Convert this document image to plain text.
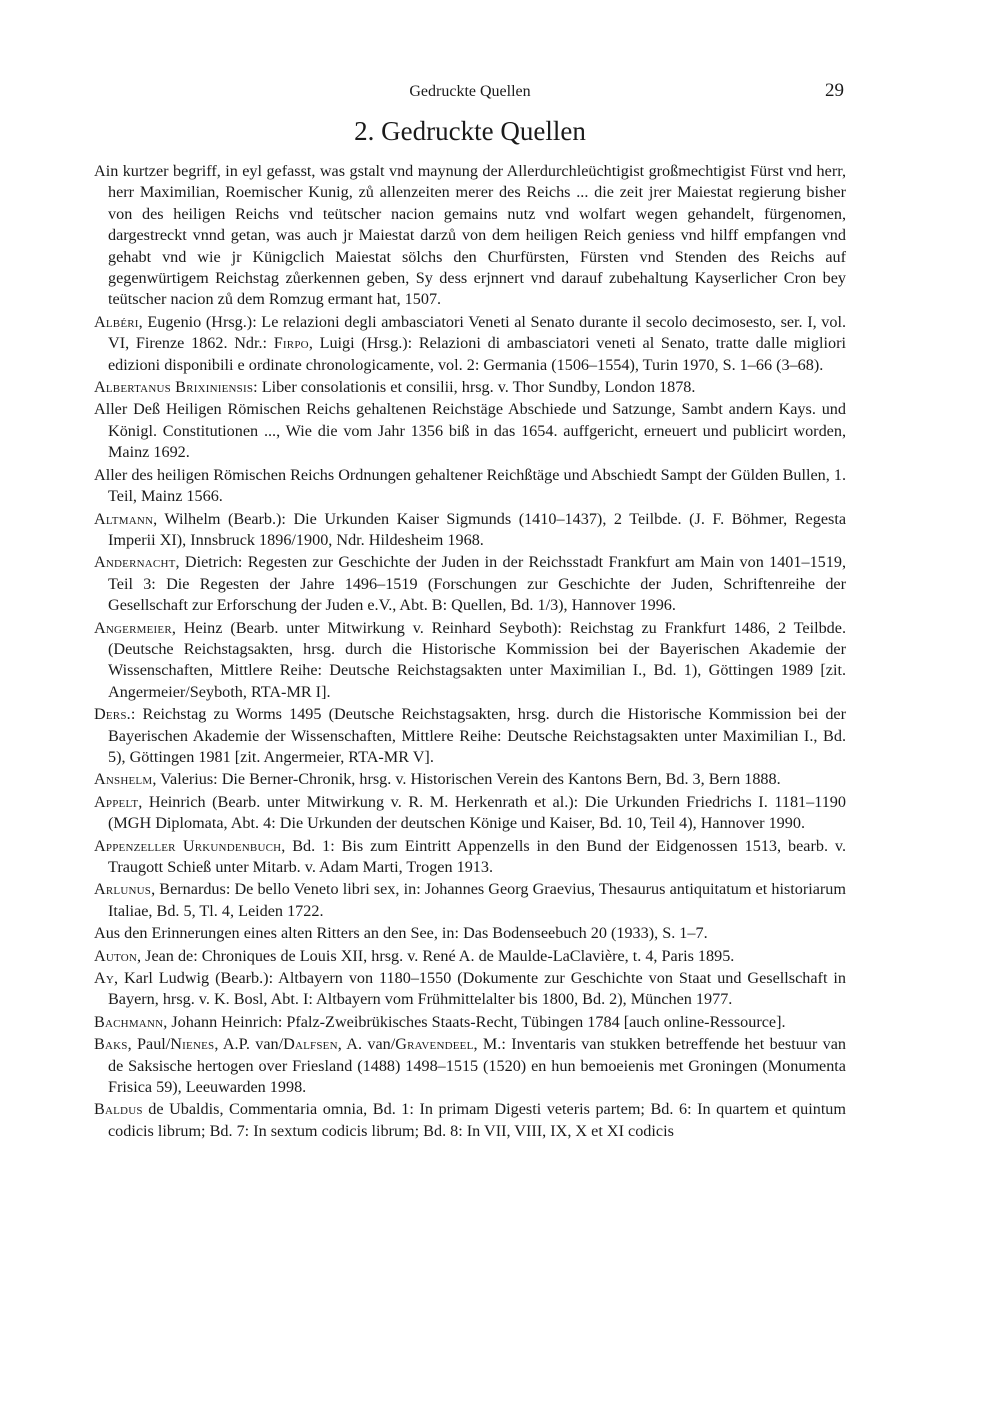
Gedruckte Quellen	29
2. Gedruckte Quellen
Ain kurtzer begriff, in eyl gefasst, was gstalt vnd maynung der Allerdurchleüchtigist großmechtigist Fürst vnd herr, herr Maximilian, Roemischer Kunig, zů allenzeiten merer des Reichs ... die zeit jrer Maiestat regierung bisher von des heiligen Reichs vnd teütscher nacion gemains nutz vnd wolfart wegen gehandelt, fürgenomen, dargestreckt vnnd getan, was auch jr Maiestat darzů von dem heiligen Reich geniess vnd hilff empfangen vnd gehabt vnd wie jr Künigclich Maiestat sölchs den Churfürsten, Fürsten vnd Stenden des Reichs auf gegenwürtigem Reichstag zůerkennen geben, Sy dess erjnnert vnd darauf zubehaltung Kayserlicher Cron bey teütscher nacion zů dem Romzug ermant hat, 1507.
Albéri, Eugenio (Hrsg.): Le relazioni degli ambasciatori Veneti al Senato durante il secolo decimosesto, ser. I, vol. VI, Firenze 1862. Ndr.: Firpo, Luigi (Hrsg.): Relazioni di ambasciatori veneti al Senato, tratte dalle migliori edizioni disponibili e ordinate chronologicamente, vol. 2: Germania (1506–1554), Turin 1970, S. 1–66 (3–68).
Albertanus Brixiniensis: Liber consolationis et consilii, hrsg. v. Thor Sundby, London 1878.
Aller Deß Heiligen Römischen Reichs gehaltenen Reichstäge Abschiede und Satzunge, Sambt andern Kays. und Königl. Constitutionen ..., Wie die vom Jahr 1356 biß in das 1654. auffgericht, erneuert und publicirt worden, Mainz 1692.
Aller des heiligen Römischen Reichs Ordnungen gehaltener Reichßtäge und Abschiedt Sampt der Gülden Bullen, 1. Teil, Mainz 1566.
Altmann, Wilhelm (Bearb.): Die Urkunden Kaiser Sigmunds (1410–1437), 2 Teilbde. (J. F. Böhmer, Regesta Imperii XI), Innsbruck 1896/1900, Ndr. Hildesheim 1968.
Andernacht, Dietrich: Regesten zur Geschichte der Juden in der Reichsstadt Frankfurt am Main von 1401–1519, Teil 3: Die Regesten der Jahre 1496–1519 (Forschungen zur Geschichte der Juden, Schriftenreihe der Gesellschaft zur Erforschung der Juden e.V., Abt. B: Quellen, Bd. 1/3), Hannover 1996.
Angermeier, Heinz (Bearb. unter Mitwirkung v. Reinhard Seyboth): Reichstag zu Frankfurt 1486, 2 Teilbde. (Deutsche Reichstagsakten, hrsg. durch die Historische Kommission bei der Bayerischen Akademie der Wissenschaften, Mittlere Reihe: Deutsche Reichstagsakten unter Maximilian I., Bd. 1), Göttingen 1989 [zit. Angermeier/Seyboth, RTA-MR I].
Ders.: Reichstag zu Worms 1495 (Deutsche Reichstagsakten, hrsg. durch die Historische Kommission bei der Bayerischen Akademie der Wissenschaften, Mittlere Reihe: Deutsche Reichstagsakten unter Maximilian I., Bd. 5), Göttingen 1981 [zit. Angermeier, RTA-MR V].
Anshelm, Valerius: Die Berner-Chronik, hrsg. v. Historischen Verein des Kantons Bern, Bd. 3, Bern 1888.
Appelt, Heinrich (Bearb. unter Mitwirkung v. R. M. Herkenrath et al.): Die Urkunden Friedrichs I. 1181–1190 (MGH Diplomata, Abt. 4: Die Urkunden der deutschen Könige und Kaiser, Bd. 10, Teil 4), Hannover 1990.
Appenzeller Urkundenbuch, Bd. 1: Bis zum Eintritt Appenzells in den Bund der Eidgenossen 1513, bearb. v. Traugott Schieß unter Mitarb. v. Adam Marti, Trogen 1913.
Arlunus, Bernardus: De bello Veneto libri sex, in: Johannes Georg Graevius, Thesaurus antiquitatum et historiarum Italiae, Bd. 5, Tl. 4, Leiden 1722.
Aus den Erinnerungen eines alten Ritters an den See, in: Das Bodenseebuch 20 (1933), S. 1–7.
Auton, Jean de: Chroniques de Louis XII, hrsg. v. René A. de Maulde-LaClavière, t. 4, Paris 1895.
Ay, Karl Ludwig (Bearb.): Altbayern von 1180–1550 (Dokumente zur Geschichte von Staat und Gesellschaft in Bayern, hrsg. v. K. Bosl, Abt. I: Altbayern vom Frühmittelalter bis 1800, Bd. 2), München 1977.
Bachmann, Johann Heinrich: Pfalz-Zweibrükisches Staats-Recht, Tübingen 1784 [auch online-Ressource].
Baks, Paul/Nienes, A.P. van/Dalfsen, A. van/Gravendeel, M.: Inventaris van stukken betreffende het bestuur van de Saksische hertogen over Friesland (1488) 1498–1515 (1520) en hun bemoeienis met Groningen (Monumenta Frisica 59), Leeuwarden 1998.
Baldus de Ubaldis, Commentaria omnia, Bd. 1: In primam Digesti veteris partem; Bd. 6: In quartem et quintum codicis librum; Bd. 7: In sextum codicis librum; Bd. 8: In VII, VIII, IX, X et XI codicis
